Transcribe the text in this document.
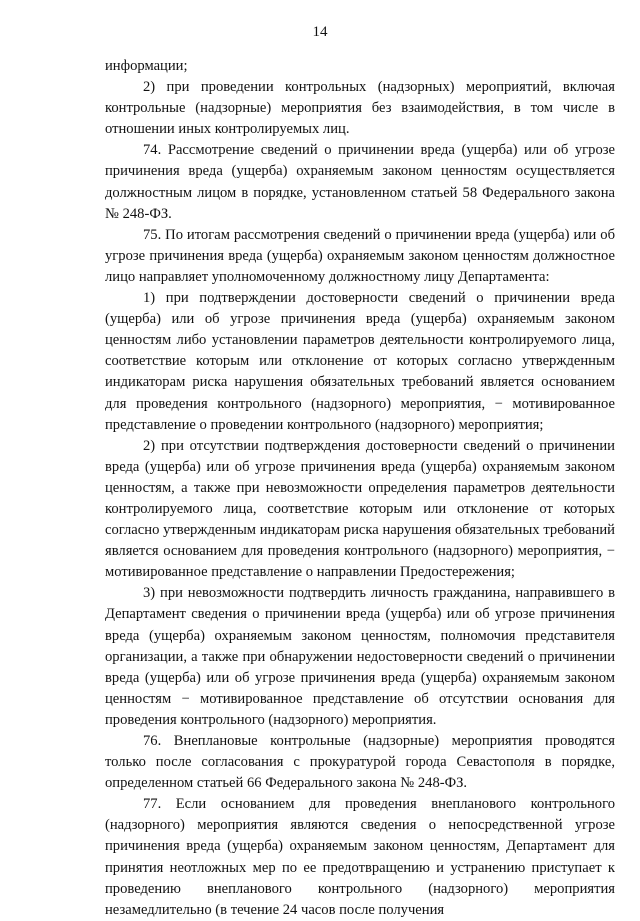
14

информации;

2) при проведении контрольных (надзорных) мероприятий, включая контрольные (надзорные) мероприятия без взаимодействия, в том числе в отношении иных контролируемых лиц.

74. Рассмотрение сведений о причинении вреда (ущерба) или об угрозе причинения вреда (ущерба) охраняемым законом ценностям осуществляется должностным лицом в порядке, установленном статьей 58 Федерального закона № 248-ФЗ.

75. По итогам рассмотрения сведений о причинении вреда (ущерба) или об угрозе причинения вреда (ущерба) охраняемым законом ценностям должностное лицо направляет уполномоченному должностному лицу Департамента:

1) при подтверждении достоверности сведений о причинении вреда (ущерба) или об угрозе причинения вреда (ущерба) охраняемым законом ценностям либо установлении параметров деятельности контролируемого лица, соответствие которым или отклонение от которых согласно утвержденным индикаторам риска нарушения обязательных требований является основанием для проведения контрольного (надзорного) мероприятия, − мотивированное представление о проведении контрольного (надзорного) мероприятия;

2) при отсутствии подтверждения достоверности сведений о причинении вреда (ущерба) или об угрозе причинения вреда (ущерба) охраняемым законом ценностям, а также при невозможности определения параметров деятельности контролируемого лица, соответствие которым или отклонение от которых согласно утвержденным индикаторам риска нарушения обязательных требований является основанием для проведения контрольного (надзорного) мероприятия, − мотивированное представление о направлении Предостережения;

3) при невозможности подтвердить личность гражданина, направившего в Департамент сведения о причинении вреда (ущерба) или об угрозе причинения вреда (ущерба) охраняемым законом ценностям, полномочия представителя организации, а также при обнаружении недостоверности сведений о причинении вреда (ущерба) или об угрозе причинения вреда (ущерба) охраняемым законом ценностям − мотивированное представление об отсутствии основания для проведения контрольного (надзорного) мероприятия.

76. Внеплановые контрольные (надзорные) мероприятия проводятся только после согласования с прокуратурой города Севастополя в порядке, определенном статьей 66 Федерального закона № 248-ФЗ.

77. Если основанием для проведения внепланового контрольного (надзорного) мероприятия являются сведения о непосредственной угрозе причинения вреда (ущерба) охраняемым законом ценностям, Департамент для принятия неотложных мер по ее предотвращению и устранению приступает к проведению внепланового контрольного (надзорного) мероприятия незамедлительно (в течение 24 часов после получения
